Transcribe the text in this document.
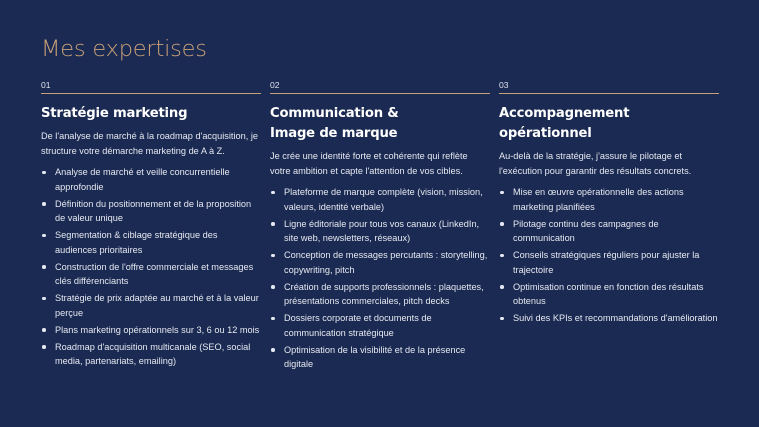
Mes expertises
01
Stratégie marketing

De l'analyse de marché à la roadmap d'acquisition, je structure votre démarche marketing de A à Z.

Analyse de marché et veille concurrentielle approfondie
Définition du positionnement et de la proposition de valeur unique
Segmentation & ciblage stratégique des audiences prioritaires
Construction de l'offre commerciale et messages clés différenciants
Stratégie de prix adaptée au marché et à la valeur perçue
Plans marketing opérationnels sur 3, 6 ou 12 mois
Roadmap d'acquisition multicanale (SEO, social media, partenariats, emailing)
02
Communication &
Image de marque

Je crée une identité forte et cohérente qui reflète votre ambition et capte l'attention de vos cibles.

Plateforme de marque complète (vision, mission, valeurs, identité verbale)
Ligne éditoriale pour tous vos canaux (LinkedIn, site web, newsletters, réseaux)
Conception de messages percutants : storytelling, copywriting, pitch
Création de supports professionnels : plaquettes, présentations commerciales, pitch decks
Dossiers corporate et documents de communication stratégique
Optimisation de la visibilité et de la présence digitale
03
Accompagnement
opérationnel

Au-delà de la stratégie, j'assure le pilotage et l'exécution pour garantir des résultats concrets.

Mise en œuvre opérationnelle des actions marketing planifiées
Pilotage continu des campagnes de communication
Conseils stratégiques réguliers pour ajuster la trajectoire
Optimisation continue en fonction des résultats obtenus
Suivi des KPIs et recommandations d'amélioration
